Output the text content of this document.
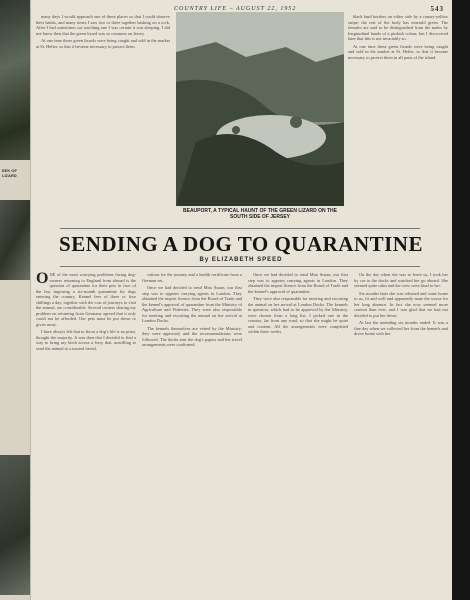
EEK OF LIZARD
COUNTRY LIFE – AUGUST 22, 1952	543

many days I would approach one of these places so that I could observe their habits, and many times I saw two or three together basking on a rock. After I had sometimes sat watching one I was certain it was sleeping. I did not know then that the green lizard was so common on Jersey.

At one time these green lizards were being caught and sold in the market at St. Helier, so that it became necessary to protect them.

BEAUPORT, A TYPICAL HAUNT OF THE GREEN LIZARD ON THE SOUTH SIDE OF JERSEY

black land borders on either side by a canary-yellow stripe; the rest of the body has emerald green. The females are said to be distinguished from the males by longitudinal bands of a pinkish colour, but I discovered later that this is not invariably so.

At one time these green lizards were being caught and sold in the market at St. Helier, so that it became necessary to protect them in all parts of the island.

SENDING A DOG TO QUARANTINE
By ELIZABETH SPEED

ONE of the most worrying problems facing dog-owners returning to England from abroad is the question of quarantine for their pets in face of the law imposing a six-month quarantine for dogs entering the country. Kennel fees of three or four shillings a day, together with the cost of journeys to visit the animal, are considerable. Several owners sharing my problem on returning from Germany agreed that it only could not be afforded. Our pets must be put down or given away.

I have always felt that to shoot a dog's life is no prize, thought the majority. It was then that I decided to find a way to bring my bitch across a ferry that, unwilling to send the animal to a trusted friend.

cations for the journey and a health certificate from a German vet.

Once we had decided to send Miss Susan, our first step was to appoint carrying agents in London. They obtained the import licence from the Board of Trade and the kennel's approval of quarantine from the Ministry of Agriculture and Fisheries. They were also responsible for meeting and escorting the animal on her arrival at London Docks.

The kennels themselves are vetted by the Ministry; they were approved, and the recommendations were followed. The docks sent the dog's papers and her travel arrangements were confirmed.

Once we had decided to send Miss Susan, our first step was to appoint carrying agents in London. They obtained the import licence from the Board of Trade and the kennel's approval of quarantine.

They were also responsible for meeting and escorting the animal on her arrival at London Docks. The kennels in question, which had to be approved by the Ministry, were chosen from a long list; I picked one in the country, far from any road, so that she might be quiet and content. All the arrangements were completed within three weeks.

On the day when she was to leave us, I took her by car to the docks and watched her go aboard. She seemed quite calm and the crew were kind to her.

Six months later she was released and came home to us, fit and well and apparently none the worse for her long absence. In fact she now seemed more content than ever, and I was glad that we had not decided to put her down.

At last the unending six months ended. It was a fine day when we collected her from the kennels and drove home with her.
